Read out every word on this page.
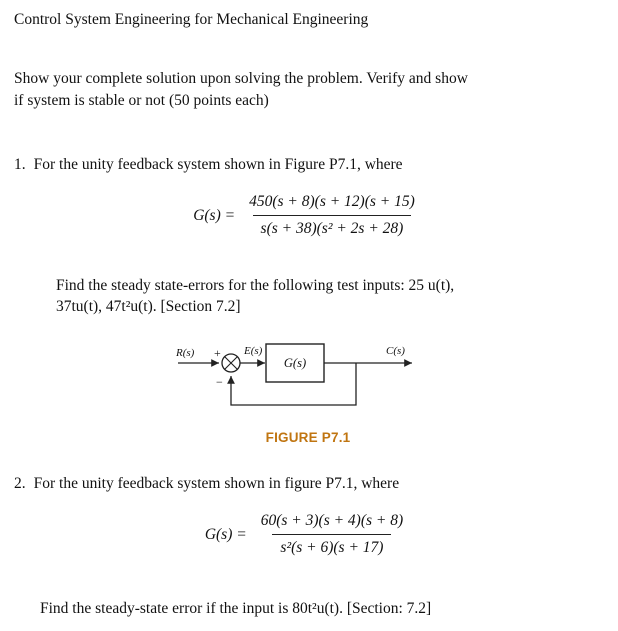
Control System Engineering for Mechanical Engineering
Show your complete solution upon solving the problem. Verify and show
if system is stable or not (50 points each)
1. For the unity feedback system shown in Figure P7.1, where
$G(s) = \frac{450(s + 8)(s + 12)(s + 15)}{\text{s(s + 38)(s² + 2s + 28)}}$
Find the steady state-errors for the following test inputs: 25 u(t),
37tu(t), 47t²u(t). [Section 7.2]
R(s) + E(s)
G(s)
C(s)
−
FIGURE P7.1
2. For the unity feedback system shown in figure P7.1, where
$G(s) = \frac{60(s + 3)(s + 4)(s + 8)}{\text{s²(s + 6)(s + 17)}}$
Find the steady-state error if the input is 80t²u(t). [Section: 7.2]
